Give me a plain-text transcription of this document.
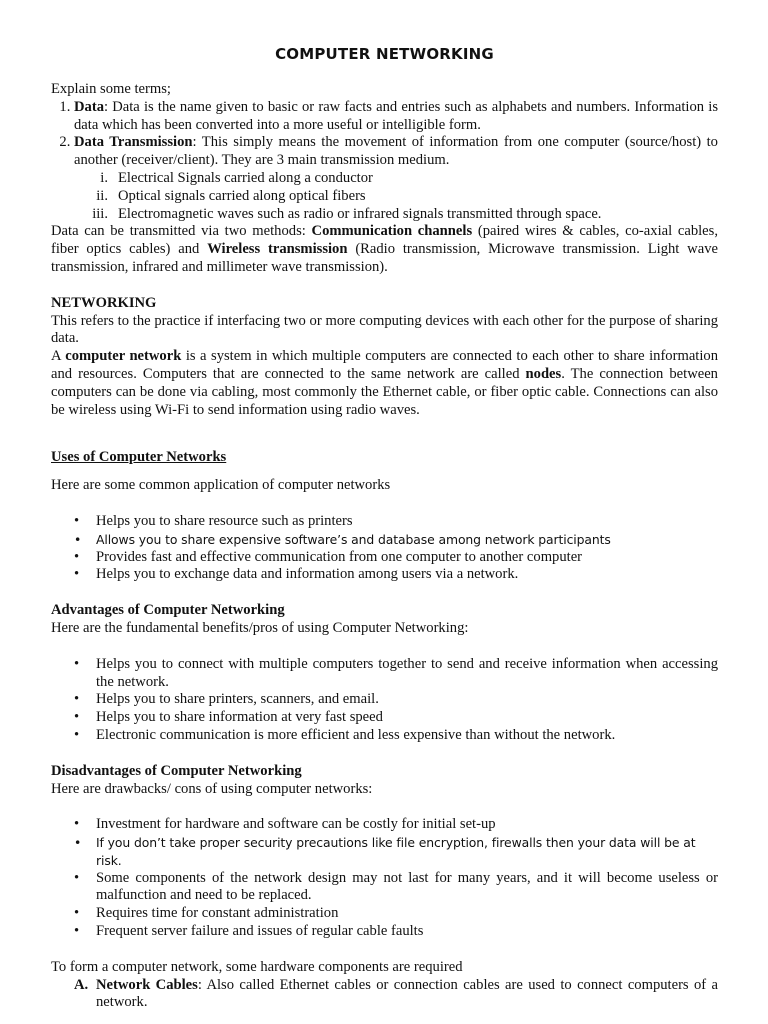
COMPUTER NETWORKING

Explain some terms;

1. Data: Data is the name given to basic or raw facts and entries such as alphabets and numbers. Information is data which has been converted into a more useful or intelligible form.
2. Data Transmission: This simply means the movement of information from one computer (source/host) to another (receiver/client). They are 3 main transmission medium.
i. Electrical Signals carried along a conductor
ii. Optical signals carried along optical fibers
iii. Electromagnetic waves such as radio or infrared signals transmitted through space.

Data can be transmitted via two methods: Communication channels (paired wires & cables, co-axial cables, fiber optics cables) and Wireless transmission (Radio transmission, Microwave transmission. Light wave transmission, infrared and millimeter wave transmission).

NETWORKING

This refers to the practice if interfacing two or more computing devices with each other for the purpose of sharing data.

A computer network is a system in which multiple computers are connected to each other to share information and resources. Computers that are connected to the same network are called nodes. The connection between computers can be done via cabling, most commonly the Ethernet cable, or fiber optic cable. Connections can also be wireless using Wi-Fi to send information using radio waves.

Uses of Computer Networks

Here are some common application of computer networks

• Helps you to share resource such as printers
• Allows you to share expensive software’s and database among network participants
• Provides fast and effective communication from one computer to another computer
• Helps you to exchange data and information among users via a network.

Advantages of Computer Networking

Here are the fundamental benefits/pros of using Computer Networking:

• Helps you to connect with multiple computers together to send and receive information when accessing the network.
• Helps you to share printers, scanners, and email.
• Helps you to share information at very fast speed
• Electronic communication is more efficient and less expensive than without the network.

Disadvantages of Computer Networking

Here are drawbacks/ cons of using computer networks:

• Investment for hardware and software can be costly for initial set-up
• If you don’t take proper security precautions like file encryption, firewalls then your data will be at risk.
• Some components of the network design may not last for many years, and it will become useless or malfunction and need to be replaced.
• Requires time for constant administration
• Frequent server failure and issues of regular cable faults

To form a computer network, some hardware components are required

A. Network Cables: Also called Ethernet cables or connection cables are used to connect computers of a network.
